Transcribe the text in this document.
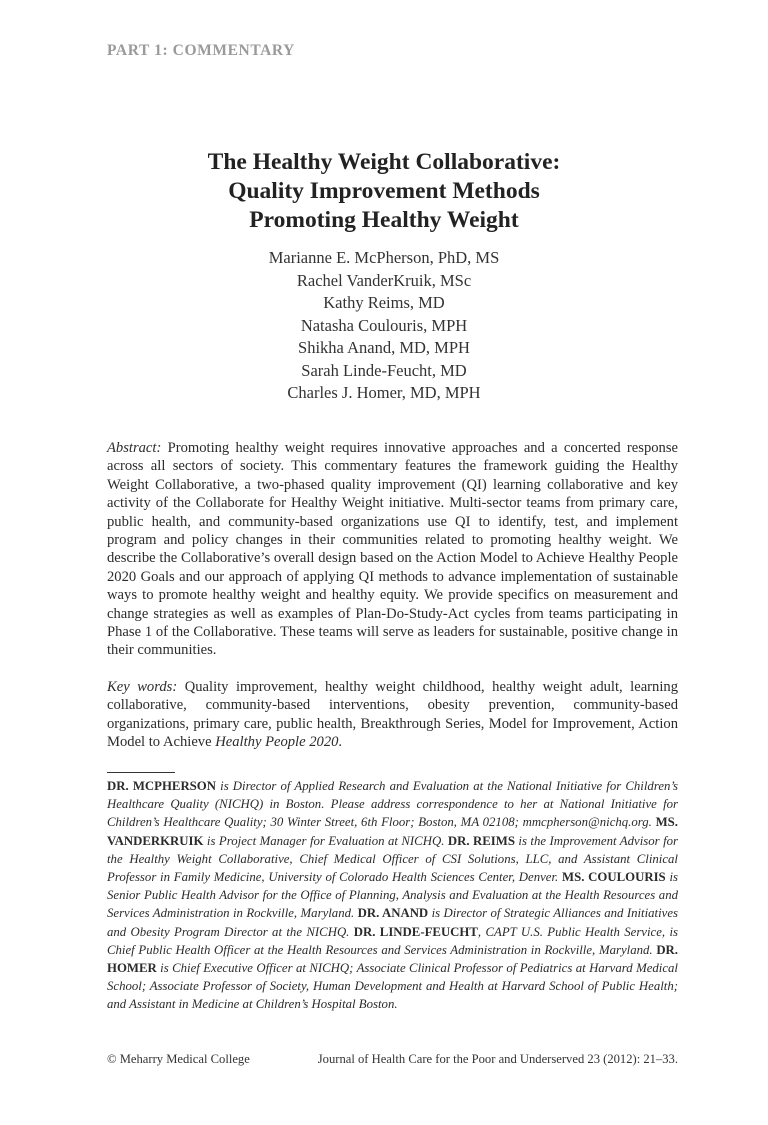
PART 1: COMMENTARY
The Healthy Weight Collaborative:
Quality Improvement Methods
Promoting Healthy Weight
Marianne E. McPherson, PhD, MS
Rachel VanderKruik, MSc
Kathy Reims, MD
Natasha Coulouris, MPH
Shikha Anand, MD, MPH
Sarah Linde-Feucht, MD
Charles J. Homer, MD, MPH
Abstract: Promoting healthy weight requires innovative approaches and a concerted response across all sectors of society. This commentary features the framework guiding the Healthy Weight Collaborative, a two-phased quality improvement (QI) learning collaborative and key activity of the Collaborate for Healthy Weight initiative. Multi-sector teams from primary care, public health, and community-based organizations use QI to identify, test, and implement program and policy changes in their communities related to promoting healthy weight. We describe the Collaborative’s overall design based on the Action Model to Achieve Healthy People 2020 Goals and our approach of applying QI methods to advance implementation of sustainable ways to promote healthy weight and healthy equity. We provide specifics on measurement and change strategies as well as examples of Plan-Do-Study-Act cycles from teams participating in Phase 1 of the Collaborative. These teams will serve as leaders for sustainable, positive change in their communities.
Key words: Quality improvement, healthy weight childhood, healthy weight adult, learning collaborative, community-based interventions, obesity prevention, community-based organizations, primary care, public health, Breakthrough Series, Model for Improvement, Action Model to Achieve Healthy People 2020.
DR. MCPHERSON is Director of Applied Research and Evaluation at the National Initiative for Children’s Healthcare Quality (NICHQ) in Boston. Please address correspondence to her at National Initiative for Children’s Healthcare Quality; 30 Winter Street, 6th Floor; Boston, MA 02108; mmcpherson@nichq.org. MS. VANDERKRUIK is Project Manager for Evaluation at NICHQ. DR. REIMS is the Improvement Advisor for the Healthy Weight Collaborative, Chief Medical Officer of CSI Solutions, LLC, and Assistant Clinical Professor in Family Medicine, University of Colorado Health Sciences Center, Denver. MS. COULOURIS is Senior Public Health Advisor for the Office of Planning, Analysis and Evaluation at the Health Resources and Services Administration in Rockville, Maryland. DR. ANAND is Director of Strategic Alliances and Initiatives and Obesity Program Director at the NICHQ. DR. LINDE-FEUCHT, CAPT U.S. Public Health Service, is Chief Public Health Officer at the Health Resources and Services Administration in Rockville, Maryland. DR. HOMER is Chief Executive Officer at NICHQ; Associate Clinical Professor of Pediatrics at Harvard Medical School; Associate Professor of Society, Human Development and Health at Harvard School of Public Health; and Assistant in Medicine at Children’s Hospital Boston.
© Meharry Medical College	Journal of Health Care for the Poor and Underserved 23 (2012): 21–33.
